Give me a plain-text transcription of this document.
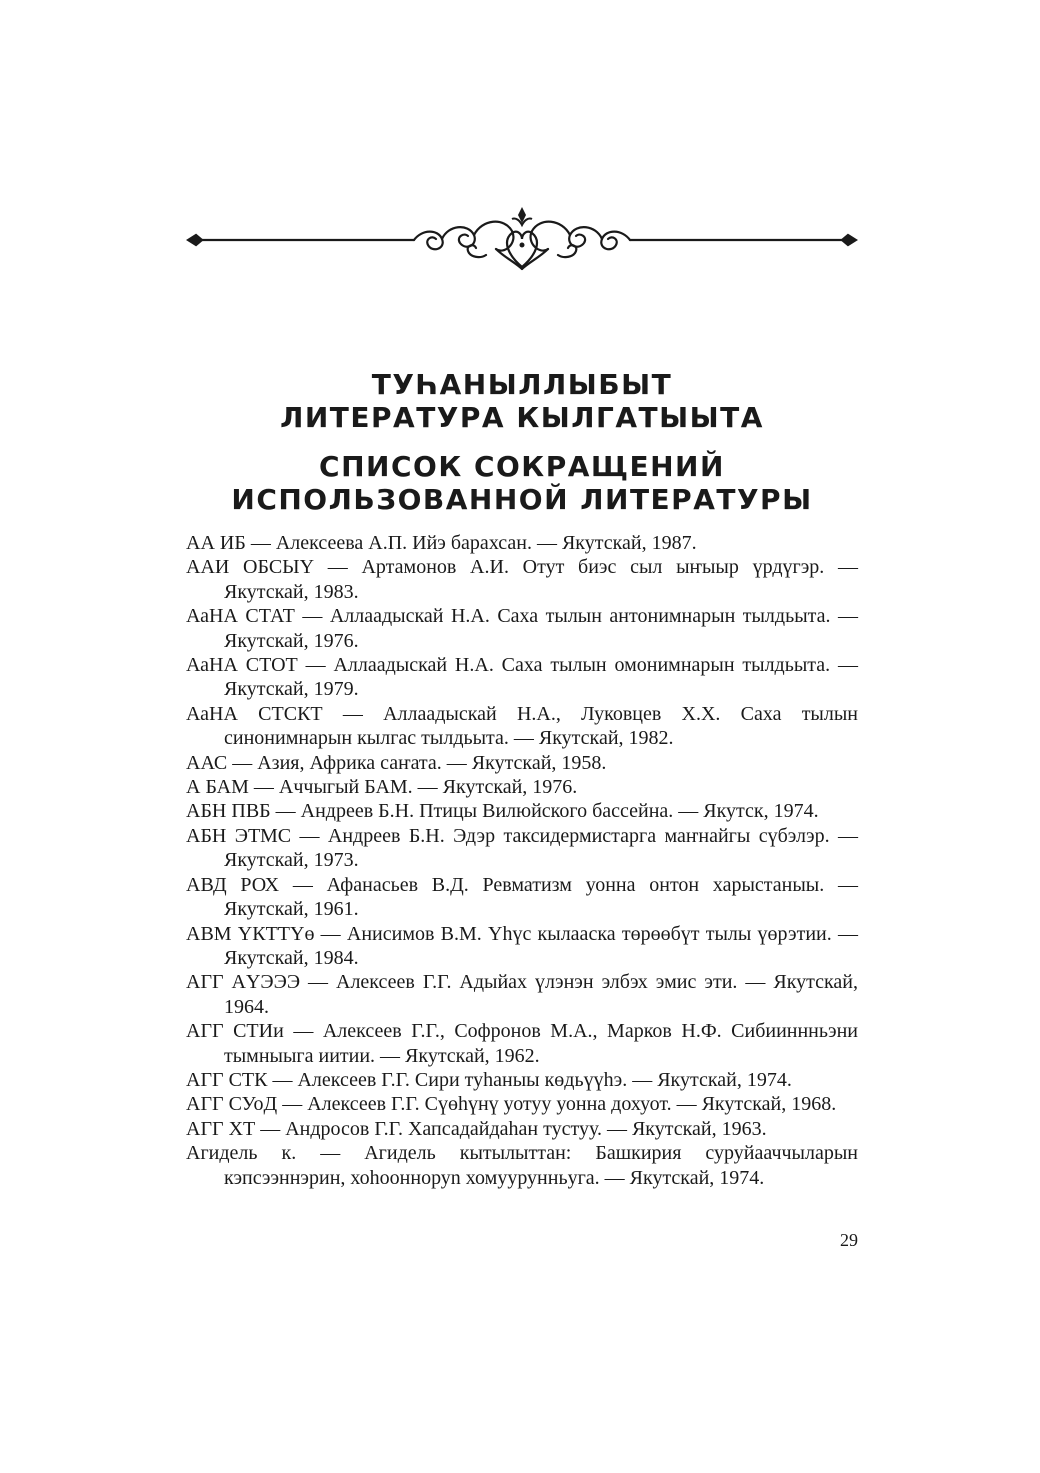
ТУҺАНЫЛЛЫБЫТ
ЛИТЕРАТУРА КЫЛГАТЫЫТА
СПИСОК СОКРАЩЕНИЙ
ИСПОЛЬЗОВАННОЙ ЛИТЕРАТУРЫ
АА ИБ — Алексеева А.П. Ийэ барахсан. — Якутскай, 1987.
ААИ ОБСЫҮ — Артамонов А.И. Отут биэс сыл ыҥыыр үрдүгэр. — Якутскай, 1983.
АаНА СТАТ — Аллаадыскай Н.А. Саха тылын антонимнарын тылдьыта. — Якутскай, 1976.
АаНА СТОТ — Аллаадыскай Н.А. Саха тылын омонимнарын тылдьыта. — Якутскай, 1979.
АаНА СТСКТ — Аллаадыскай Н.А., Луковцев Х.Х. Саха тылын синонимнарын кылгас тылдьыта. — Якутскай, 1982.
ААС — Азия, Африка саҥата. — Якутскай, 1958.
А БАМ — Аччыгый БАМ. — Якутскай, 1976.
АБН ПВБ — Андреев Б.Н. Птицы Вилюйского бассейна. — Якутск, 1974.
АБН ЭТМС — Андреев Б.Н. Эдэр таксидермистарга маҥнайгы сүбэлэр. — Якутскай, 1973.
АВД РОХ — Афанасьев В.Д. Ревматизм уонна онтон харыстаныы. — Якутскай, 1961.
АВМ ҮКТТҮө — Анисимов В.М. Үһүс кылааска төрөөбүт тылы үөрэтии. — Якутскай, 1984.
АГГ АҮЭЭЭ — Алексеев Г.Г. Адыйах үлэнэн элбэх эмис эти. — Якутскай, 1964.
АГГ СТИи — Алексеев Г.Г., Софронов М.А., Марков Н.Ф. Сибииннньэни тымныыга иитии. — Якутскай, 1962.
АГГ СТК — Алексеев Г.Г. Сири туһаныы көдьүүһэ. — Якутскай, 1974.
АГГ СУоД — Алексеев Г.Г. Сүөһүнү уотуу уонна дохуот. — Якутскай, 1968.
АГГ ХТ — Андросов Г.Г. Хапсадайдаһан тустуу. — Якутскай, 1963.
Агидель к. — Агидель кытылыттан: Башкирия суруйааччыларын кэпсээннэрин, хоһоонноруn хомуурунньуга. — Якутскай, 1974.
29
